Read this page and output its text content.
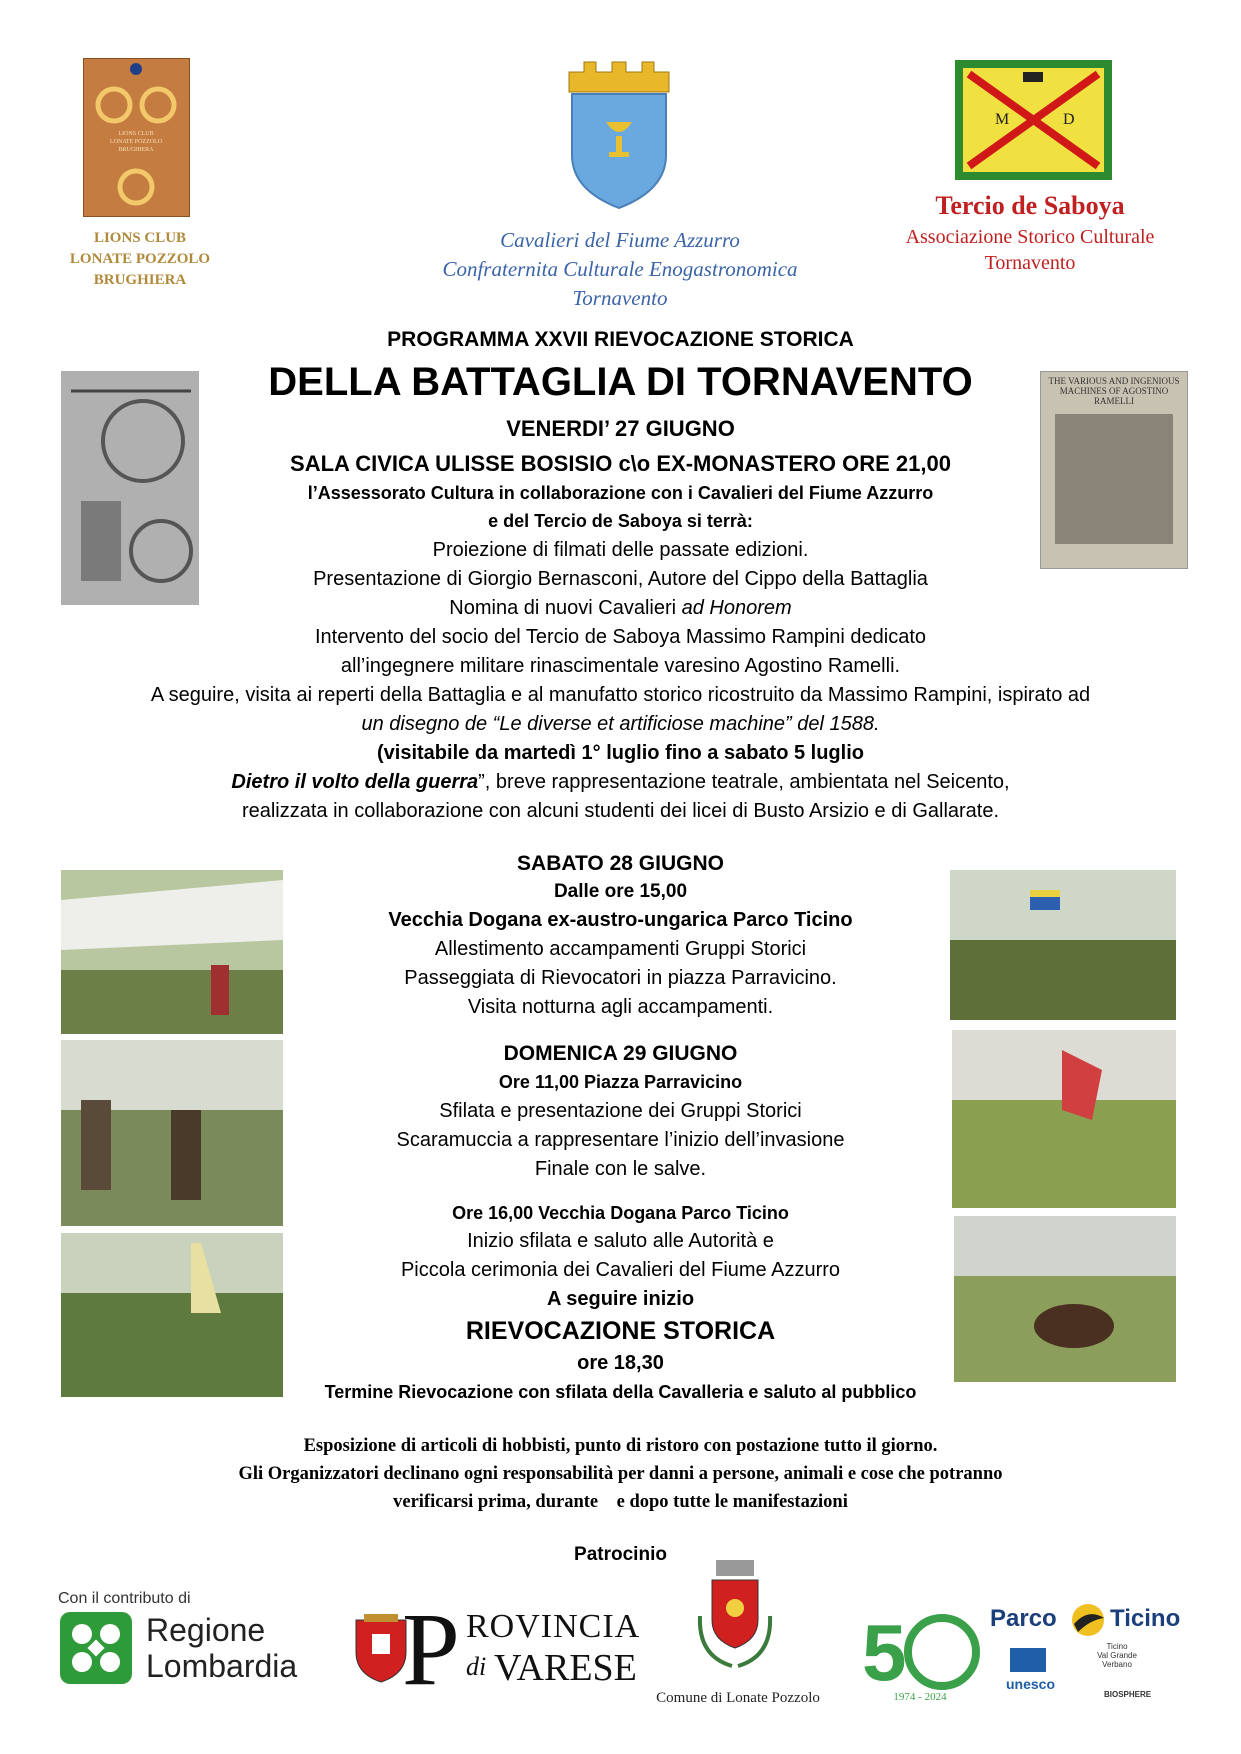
LIONS CLUB
LONATE POZZOLO
BRUGHIERA
LIONS CLUB
LONATE POZZOLO
BRUGHIERA
Cavalieri del Fiume Azzurro
Confraternita Culturale Enogastronomica
Tornavento
M	D
Tercio de Saboya
Associazione Storico Culturale
Tornavento
PROGRAMMA XXVII RIEVOCAZIONE STORICA
DELLA BATTAGLIA DI TORNAVENTO	THE VARIOUS AND INGENIOUS MACHINES OF AGOSTINO RAMELLI
VENERDI’ 27 GIUGNO
SALA CIVICA ULISSE BOSISIO c\o EX-MONASTERO ORE 21,00
l’Assessorato Cultura in collaborazione con i Cavalieri del Fiume Azzurro
e del Tercio de Saboya si terrà:
Proiezione di filmati delle passate edizioni.
Presentazione di Giorgio Bernasconi, Autore del Cippo della Battaglia
Nomina di nuovi Cavalieri ad Honorem
Intervento del socio del Tercio de Saboya Massimo Rampini dedicato
all’ingegnere militare rinascimentale varesino Agostino Ramelli.
A seguire, visita ai reperti della Battaglia e al manufatto storico ricostruito da Massimo Rampini, ispirato ad
un disegno de “Le diverse et artificiose machine” del 1588.
(visitabile da martedì 1° luglio fino a sabato 5 luglio
Dietro il volto della guerra”, breve rappresentazione teatrale, ambientata nel Seicento,
realizzata in collaborazione con alcuni studenti dei licei di Busto Arsizio e di Gallarate.
SABATO 28 GIUGNO
Dalle ore 15,00
Vecchia Dogana ex-austro-ungarica Parco Ticino
Allestimento accampamenti Gruppi Storici
Passeggiata di Rievocatori in piazza Parravicino.
Visita notturna agli accampamenti.
DOMENICA 29 GIUGNO
Ore 11,00 Piazza Parravicino
Sfilata e presentazione dei Gruppi Storici
Scaramuccia a rappresentare l’inizio dell’invasione
Finale con le salve.
Ore 16,00 Vecchia Dogana Parco Ticino
Inizio sfilata e saluto alle Autorità e
Piccola cerimonia dei Cavalieri del Fiume Azzurro
A seguire inizio
RIEVOCAZIONE STORICA
ore 18,30
Termine Rievocazione con sfilata della Cavalleria e saluto al pubblico
Esposizione di articoli di hobbisti, punto di ristoro con postazione tutto il giorno.
Gli Organizzatori declinano ogni responsabilità per danni a persone, animali e cose che potranno
verificarsi prima, durante    e dopo tutte le manifestazioni
Patrocinio
Con il contributo di
Regione
Lombardia P ROVINCIA
di VARESE
Comune di Lonate Pozzolo
5
1974 - 2024
Parco Ticino
unesco
Ticino
Val Grande
Verbano
BIOSPHERE
